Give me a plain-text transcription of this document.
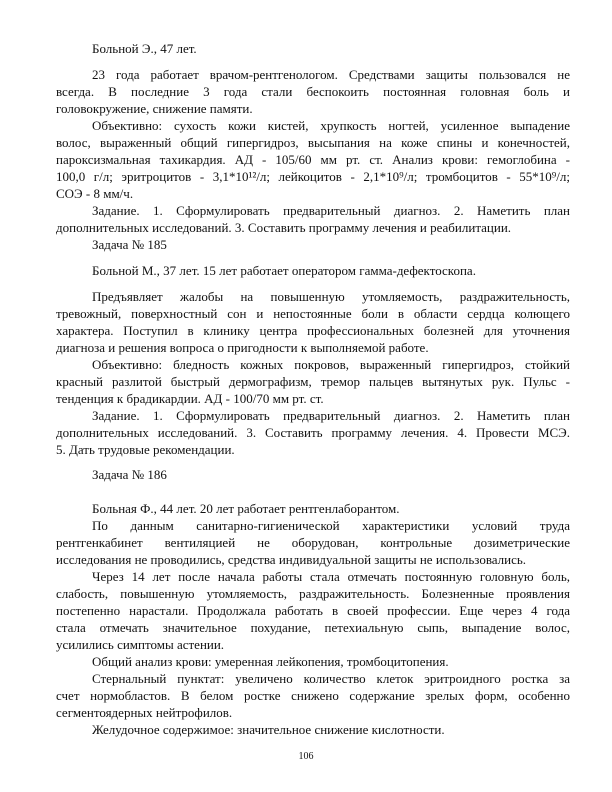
Больной Э., 47 лет.
23 года работает врачом-рентгенологом. Средствами защиты пользовался не
всегда. В последние 3 года стали беспокоить постоянная головная боль и
головокружение, снижение памяти.
Объективно: сухость кожи кистей, хрупкость ногтей, усиленное выпадение
волос, выраженный общий гипергидроз, высыпания на коже спины и конечностей,
пароксизмальная тахикардия. АД - 105/60 мм рт. ст. Анализ крови: гемоглобина -
100,0 г/л; эритроцитов - 3,1*10¹²/л; лейкоцитов - 2,1*10⁹/л; тромбоцитов - 55*10⁹/л;
СОЭ - 8 мм/ч.
Задание. 1. Сформулировать предварительный диагноз. 2. Наметить план
дополнительных исследований. 3. Составить программу лечения и реабилитации.
Задача № 185
Больной М., 37 лет. 15 лет работает оператором гамма-дефектоскопа.
Предъявляет жалобы на повышенную утомляемость, раздражительность,
тревожный, поверхностный сон и непостоянные боли в области сердца колющего
характера. Поступил в клинику центра профессиональных болезней для уточнения
диагноза и решения вопроса о пригодности к выполняемой работе.
Объективно: бледность кожных покровов, выраженный гипергидроз, стойкий
красный разлитой быстрый дермографизм, тремор пальцев вытянутых рук. Пульс -
тенденция к брадикардии. АД - 100/70 мм рт. ст.
Задание. 1. Сформулировать предварительный диагноз. 2. Наметить план
дополнительных исследований. 3. Составить программу лечения. 4. Провести МСЭ.
5. Дать трудовые рекомендации.
Задача № 186
Больная Ф., 44 лет. 20 лет работает рентгенлаборантом.
По данным санитарно-гигиенической характеристики условий труда
рентгенкабинет вентиляцией не оборудован, контрольные дозиметрические
исследования не проводились, средства индивидуальной защиты не использовались.
Через 14 лет после начала работы стала отмечать постоянную головную боль,
слабость, повышенную утомляемость, раздражительность. Болезненные проявления
постепенно нарастали. Продолжала работать в своей профессии. Еще через 4 года
стала отмечать значительное похудание, петехиальную сыпь, выпадение волос,
усилились симптомы астении.
Общий анализ крови: умеренная лейкопения, тромбоцитопения.
Стернальный пунктат: увеличено количество клеток эритроидного ростка за
счет нормобластов. В белом ростке снижено содержание зрелых форм, особенно
сегментоядерных нейтрофилов.
Желудочное содержимое: значительное снижение кислотности.
106
